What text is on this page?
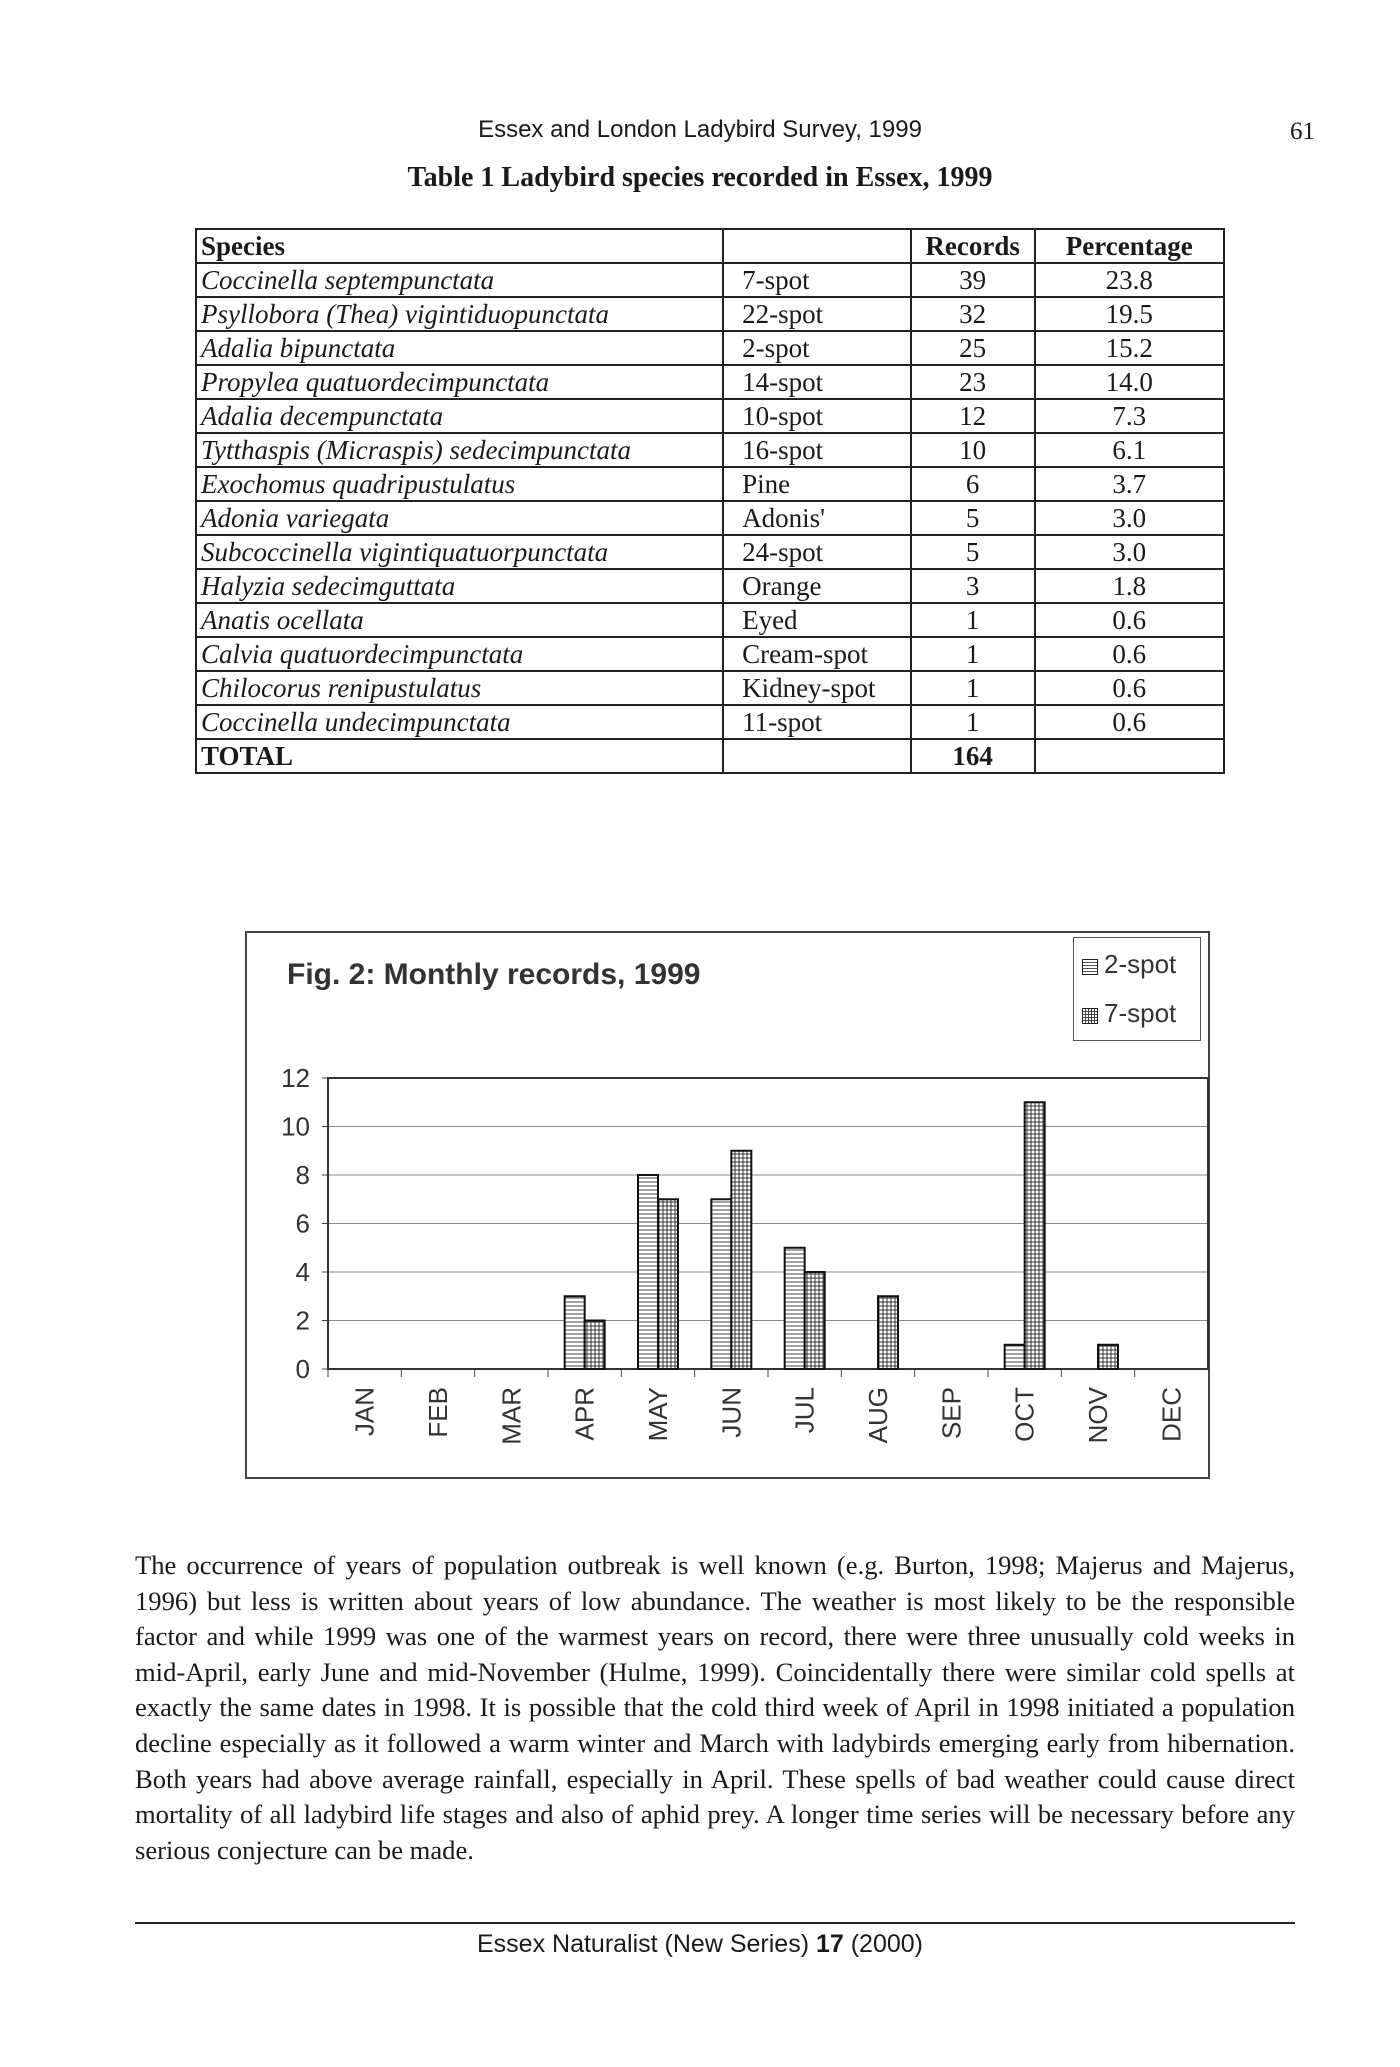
Essex and London Ladybird Survey, 1999	61
Table 1 Ladybird species recorded in Essex, 1999
Species		Records	Percentage
Coccinella septempunctata	7-spot	39	23.8
Psyllobora (Thea) vigintiduopunctata	22-spot	32	19.5
Adalia bipunctata	2-spot	25	15.2
Propylea quatuordecimpunctata	14-spot	23	14.0
Adalia decempunctata	10-spot	12	7.3
Tytthaspis (Micraspis) sedecimpunctata	16-spot	10	6.1
Exochomus quadripustulatus	Pine	6	3.7
Adonia variegata	Adonis'	5	3.0
Subcoccinella vigintiquatuorpunctata	24-spot	5	3.0
Halyzia sedecimguttata	Orange	3	1.8
Anatis ocellata	Eyed	1	0.6
Calvia quatuordecimpunctata	Cream-spot	1	0.6
Chilocorus renipustulatus	Kidney-spot	1	0.6
Coccinella undecimpunctata	11-spot	1	0.6
TOTAL		164	
Fig. 2: Monthly records, 1999	2-spot
7-spot
0
2
4
6
8
10
12
JAN FEB MAR APR MAY JUN JUL AUG SEP OCT NOV DEC
The occurrence of years of population outbreak is well known (e.g. Burton, 1998; Majerus and Majerus, 1996) but less is written about years of low abundance. The weather is most likely to be the responsible factor and while 1999 was one of the warmest years on record, there were three unusually cold weeks in mid-April, early June and mid-November (Hulme, 1999). Coincidentally there were similar cold spells at exactly the same dates in 1998. It is possible that the cold third week of April in 1998 initiated a population decline especially as it followed a warm winter and March with ladybirds emerging early from hibernation. Both years had above average rainfall, especially in April. These spells of bad weather could cause direct mortality of all ladybird life stages and also of aphid prey. A longer time series will be necessary before any serious conjecture can be made.
Essex Naturalist (New Series) 17 (2000)
